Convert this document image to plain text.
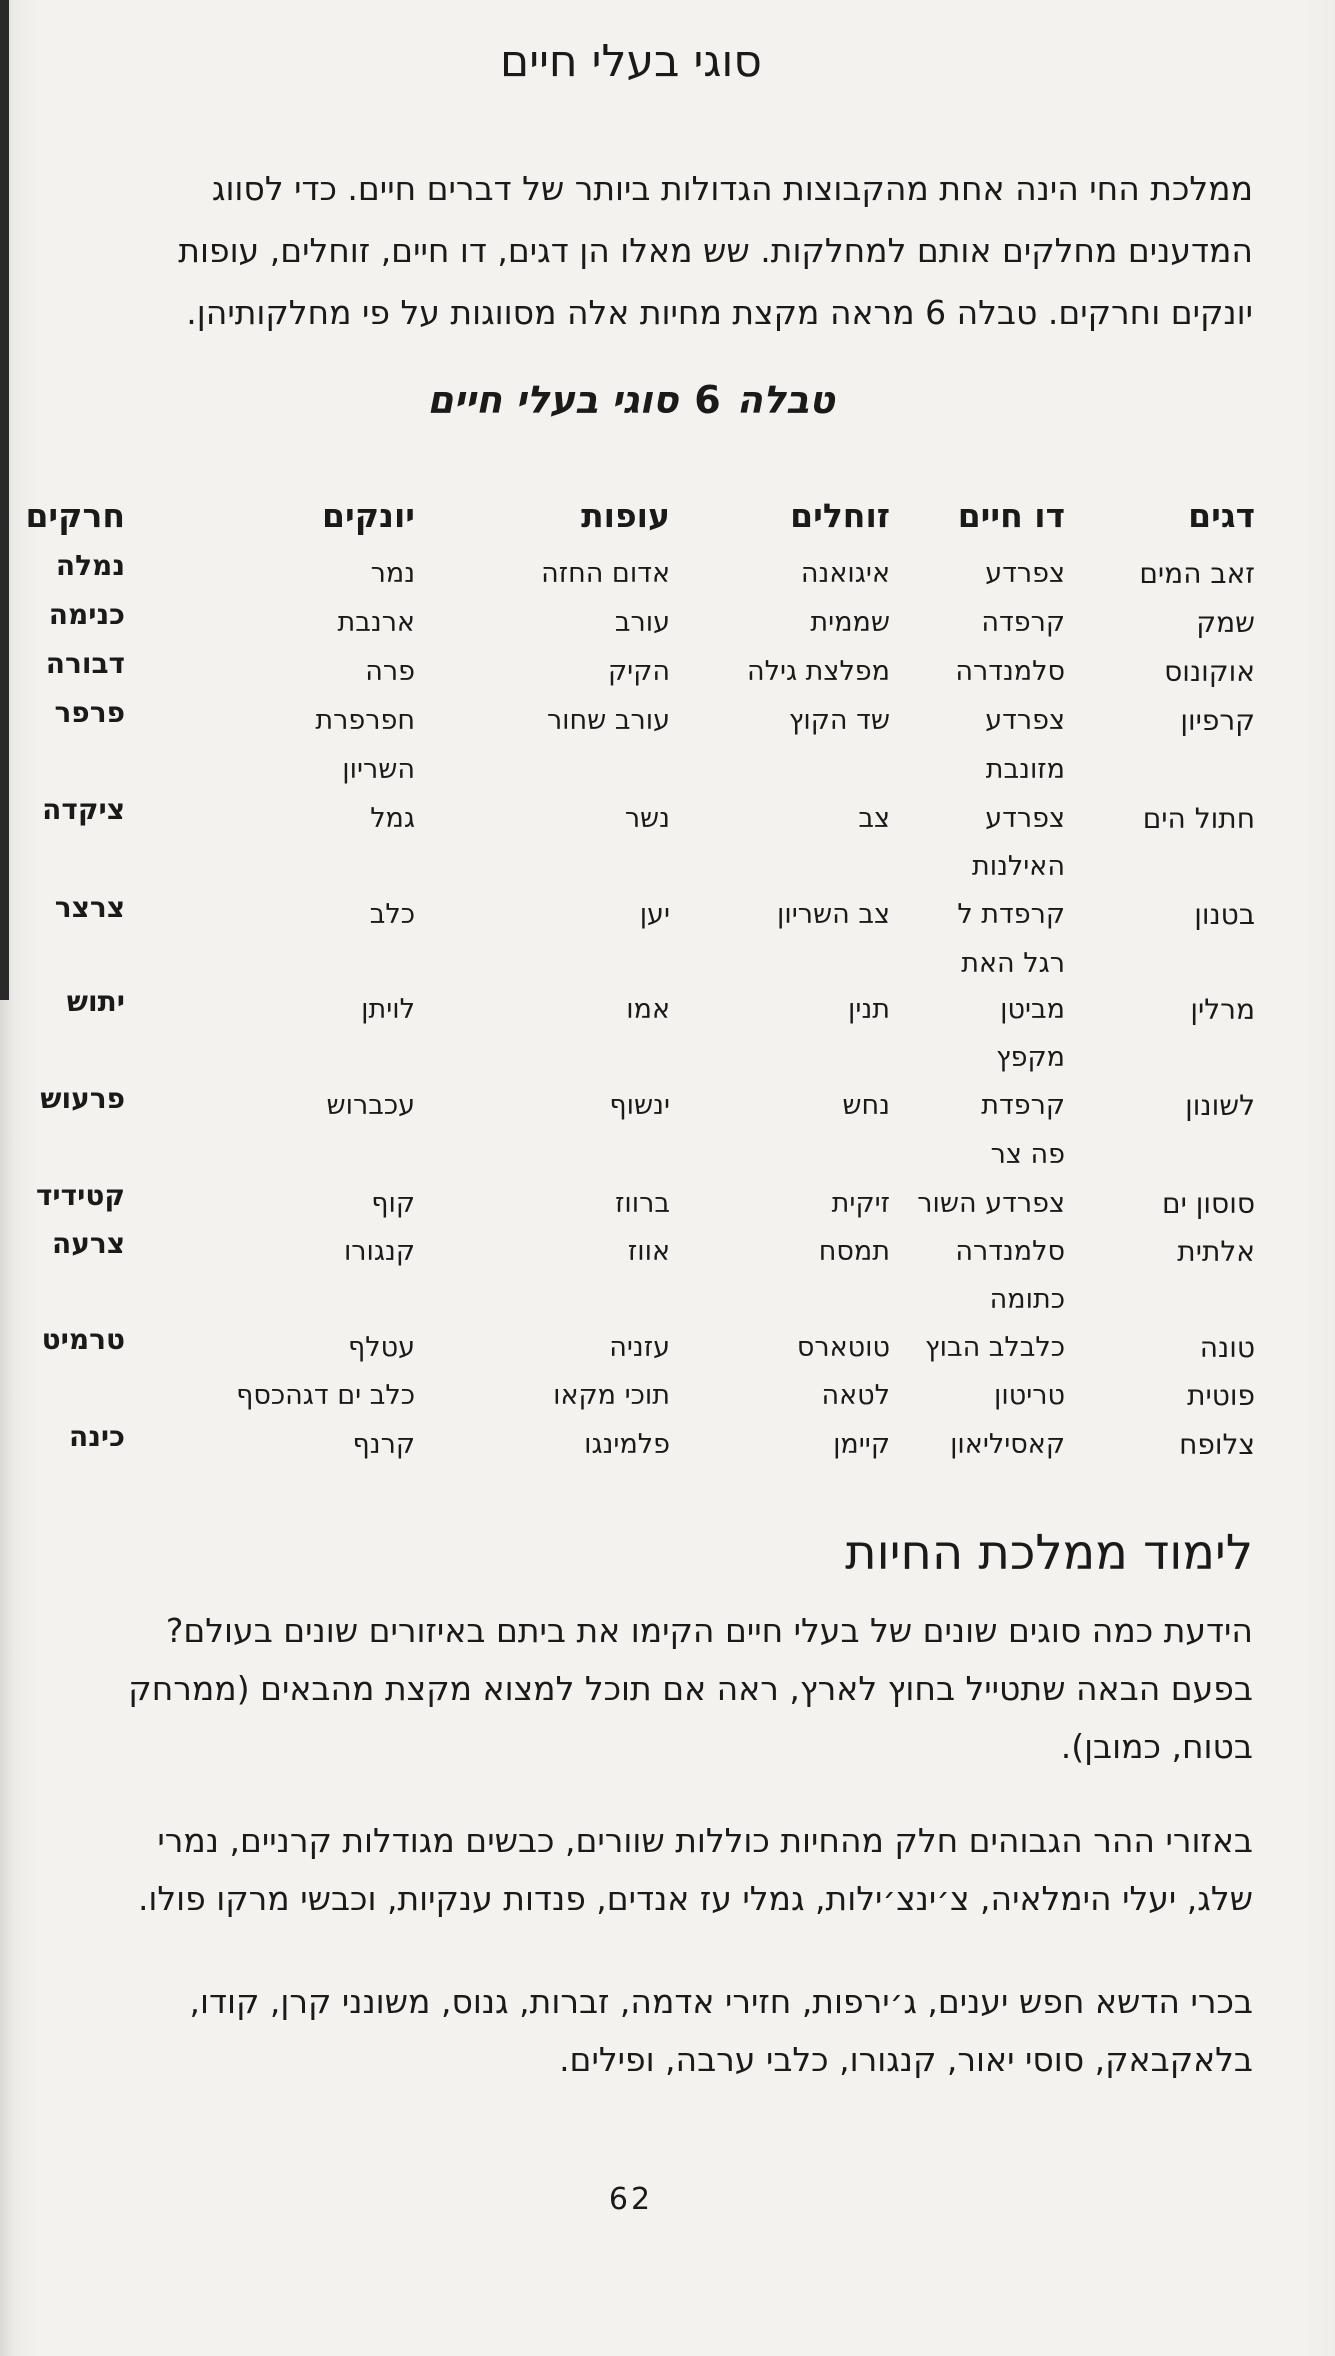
סוגי בעלי חיים
ממלכת החי הינה אחת מהקבוצות הגדולות ביותר של דברים חיים. כדי לסווג
המדענים מחלקים אותם למחלקות. שש מאלו הן דגים, דו חיים, זוחלים, עופות
יונקים וחרקים. טבלה 6 מראה מקצת מחיות אלה מסווגות על פי מחלקותיהן.
טבלה6סוגי בעלי חיים
דגים
זאב המים
שמק
אוקונוס
קרפיון
חתול הים
בטנון
מרלין
לשונון
סוסון ים
אלתית
טונה
פוטית
צלופח
דו חיים
צפרדע
קרפדה
סלמנדרה
צפרדע
מזונבת
צפרדע
האילנות
קרפדת ל
רגל האת
מביטן
מקפץ
קרפדת
פה צר
צפרדע השור
סלמנדרה
כתומה
כלבלב הבוץ
טריטון
קאסיליאון
זוחלים
איגואנה
שממית
מפלצת גילה
שד הקוץ
צב
צב השריון
תנין
נחש
זיקית
תמסח
טוטארס
לטאה
קיימן
עופות
אדום החזה
עורב
הקיק
עורב שחור
נשר
יען
אמו
ינשוף
ברווז
אווז
עזניה
תוכי מקאו
פלמינגו
יונקים
נמר
ארנבת
פרה
חפרפרת
השריון
גמל
כלב
לויתן
עכברוש
קוף
קנגורו
עטלף
כלב ים דגהכסף
קרנף
חרקים
נמלה
כנימה
דבורה
פרפר
ציקדה
צרצר
יתוש
פרעוש
קטידיד
צרעה
טרמיט
כינה
לימוד ממלכת החיות
הידעת כמה סוגים שונים של בעלי חיים הקימו את ביתם באיזורים שונים בעולם?
בפעם הבאה שתטייל בחוץ לארץ, ראה אם תוכל למצוא מקצת מהבאים (ממרחק
בטוח, כמובן).
באזורי ההר הגבוהים חלק מהחיות כוללות שוורים, כבשים מגודלות קרניים, נמרי
שלג, יעלי הימלאיה, צ׳ינצ׳ילות, גמלי עז אנדים, פנדות ענקיות, וכבשי מרקו פולו.
בכרי הדשא חפש יענים, ג׳ירפות, חזירי אדמה, זברות, גנוס, משונני קרן, קודו,
בלאקבאק, סוסי יאור, קנגורו, כלבי ערבה, ופילים.
62
